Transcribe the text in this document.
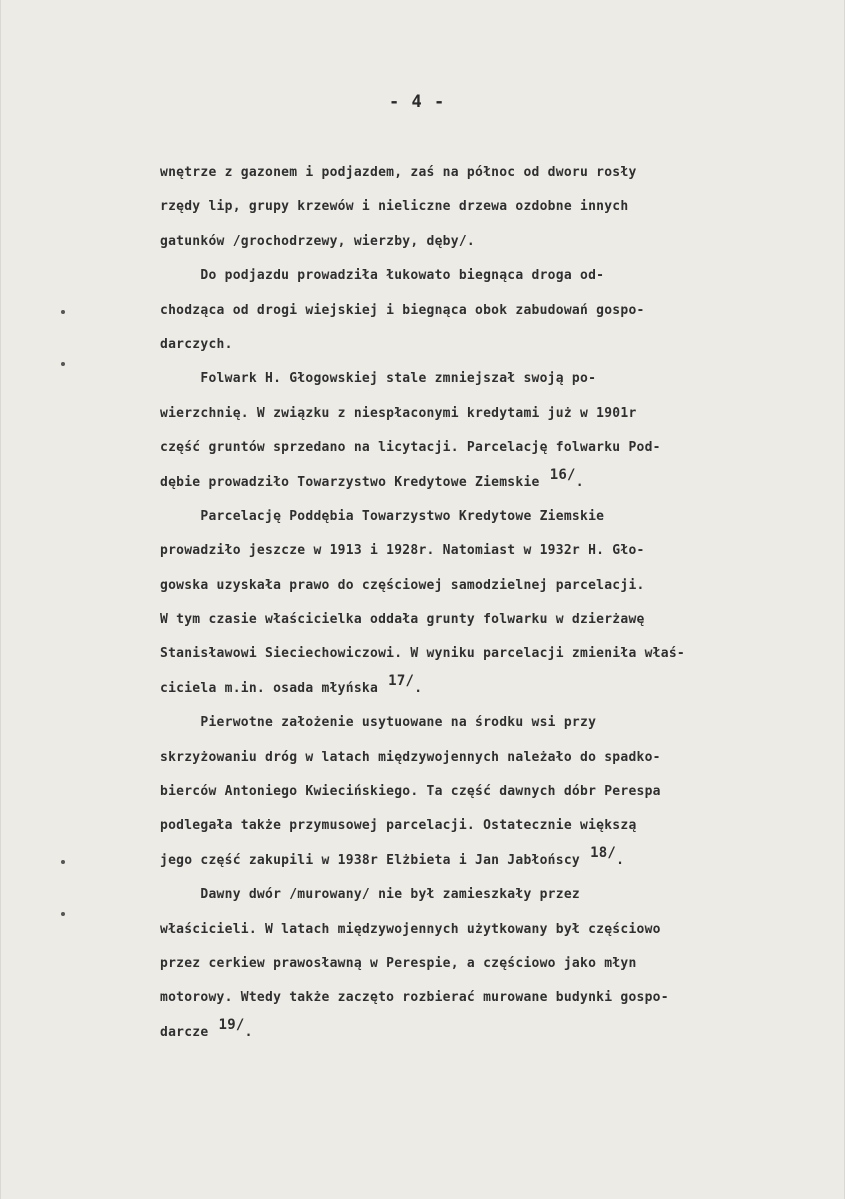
- 4 -
wnętrze z gazonem i podjazdem, zaś na północ od dworu rosły
rzędy lip, grupy krzewów i nieliczne drzewa ozdobne innych
gatunków /grochodrzewy, wierzby, dęby/.
Do podjazdu prowadziła łukowato biegnąca droga od-
chodząca od drogi wiejskiej i biegnąca obok zabudowań gospo-
darczych.
Folwark H. Głogowskiej stale zmniejszał swoją po-
wierzchnię. W związku z niespłaconymi kredytami już w 1901r
część gruntów sprzedano na licytacji. Parcelację folwarku Pod-
dębie prowadziło Towarzystwo Kredytowe Ziemskie $^{16/}$.
Parcelację Poddębia Towarzystwo Kredytowe Ziemskie
prowadziło jeszcze w 1913 i 1928r. Natomiast w 1932r H. Gło-
gowska uzyskała prawo do częściowej samodzielnej parcelacji.
W tym czasie właścicielka oddała grunty folwarku w dzierżawę
Stanisławowi Sieciechowiczowi. W wyniku parcelacji zmieniła właś-
ciciela m.in. osada młyńska $^{17/}$.
Pierwotne założenie usytuowane na środku wsi przy
skrzyżowaniu dróg w latach międzywojennych należało do spadko-
bierców Antoniego Kwiecińskiego. Ta część dawnych dóbr Perespa
podlegała także przymusowej parcelacji. Ostatecznie większą
jego część zakupili w 1938r Elżbieta i Jan Jabłońscy $^{18/}$.
Dawny dwór /murowany/ nie był zamieszkały przez
właścicieli. W latach międzywojennych użytkowany był częściowo
przez cerkiew prawosławną w Perespie, a częściowo jako młyn
motorowy. Wtedy także zaczęto rozbierać murowane budynki gospo-
darcze $^{19/}$.
